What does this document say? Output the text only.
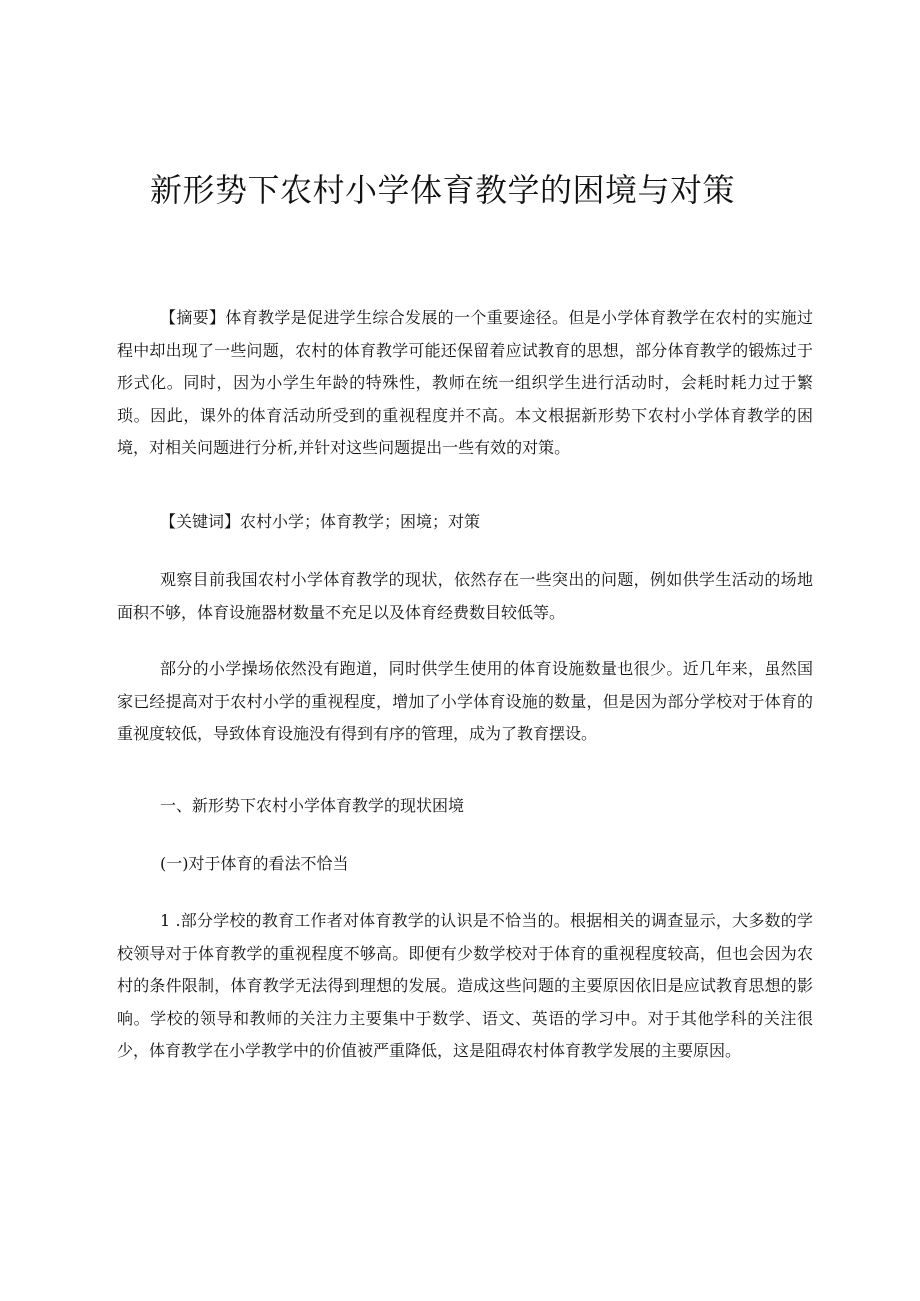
新形势下农村小学体育教学的困境与对策

【摘要】体育教学是促进学生综合发展的一个重要途径。但是小学体育教学在农村的实施过程中却出现了一些问题，农村的体育教学可能还保留着应试教育的思想，部分体育教学的锻炼过于形式化。同时，因为小学生年龄的特殊性，教师在统一组织学生进行活动时，会耗时耗力过于繁琐。因此，课外的体育活动所受到的重视程度并不高。本文根据新形势下农村小学体育教学的困境，对相关问题进行分析,并针对这些问题提出一些有效的对策。

【关键词】农村小学；体育教学；困境；对策

观察目前我国农村小学体育教学的现状，依然存在一些突出的问题，例如供学生活动的场地面积不够，体育设施器材数量不充足以及体育经费数目较低等。

部分的小学操场依然没有跑道，同时供学生使用的体育设施数量也很少。近几年来，虽然国家已经提高对于农村小学的重视程度，增加了小学体育设施的数量，但是因为部分学校对于体育的重视度较低，导致体育设施没有得到有序的管理，成为了教育摆设。

一、新形势下农村小学体育教学的现状困境

(一)对于体育的看法不恰当

1 .部分学校的教育工作者对体育教学的认识是不恰当的。根据相关的调查显示，大多数的学校领导对于体育教学的重视程度不够高。即便有少数学校对于体育的重视程度较高，但也会因为农村的条件限制，体育教学无法得到理想的发展。造成这些问题的主要原因依旧是应试教育思想的影响。学校的领导和教师的关注力主要集中于数学、语文、英语的学习中。对于其他学科的关注很少，体育教学在小学教学中的价值被严重降低，这是阻碍农村体育教学发展的主要原因。
